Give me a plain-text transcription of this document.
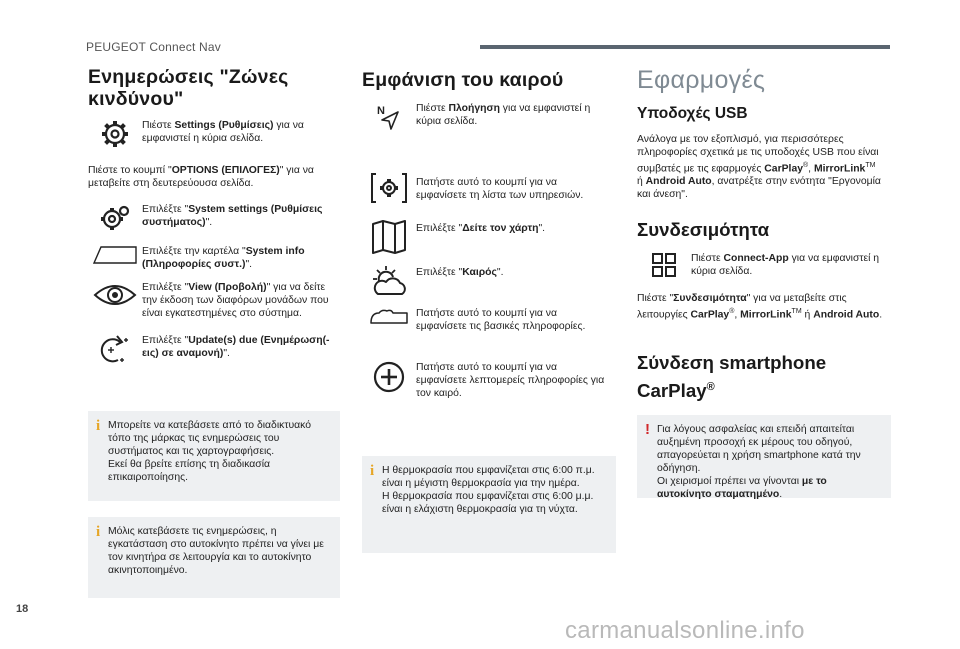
PEUGEOT Connect Nav
Ενημερώσεις "Ζώνες
κινδύνου"
Πιέστε Settings (Ρυθμίσεις) για να εμφανιστεί η κύρια σελίδα.
Πιέστε το κουμπί "OPTIONS (ΕΠΙΛΟΓΕΣ)" για να μεταβείτε στη δευτερεύουσα σελίδα.
Επιλέξτε "System settings (Ρυθμίσεις συστήματος)".
Επιλέξτε την καρτέλα "System info (Πληροφορίες συστ.)".
Επιλέξτε "View (Προβολή)" για να δείτε την έκδοση των διαφόρων μονάδων που είναι εγκατεστημένες στο σύστημα.
Επιλέξτε "Update(s) due (Ενημέρωση(-εις) σε αναμονή)".
i Μπορείτε να κατεβάσετε από το διαδικτυακό τόπο της μάρκας τις ενημερώσεις του συστήματος και τις χαρτογραφήσεις.
Εκεί θα βρείτε επίσης τη διαδικασία επικαιροποίησης.
i Μόλις κατεβάσετε τις ενημερώσεις, η εγκατάσταση στο αυτοκίνητο πρέπει να γίνει με τον κινητήρα σε λειτουργία και το αυτοκίνητο ακινητοποιημένο.
Εμφάνιση του καιρού
N	Πιέστε Πλοήγηση για να εμφανιστεί η κύρια σελίδα.
Πατήστε αυτό το κουμπί για να εμφανίσετε τη λίστα των υπηρεσιών.
Επιλέξτε "Δείτε τον χάρτη".
Επιλέξτε "Καιρός".
Πατήστε αυτό το κουμπί για να εμφανίσετε τις βασικές πληροφορίες.
Πατήστε αυτό το κουμπί για να εμφανίσετε λεπτομερείς πληροφορίες για τον καιρό.
i Η θερμοκρασία που εμφανίζεται στις 6:00 π.μ. είναι η μέγιστη θερμοκρασία για την ημέρα.
Η θερμοκρασία που εμφανίζεται στις 6:00 μ.μ. είναι η ελάχιστη θερμοκρασία για τη νύχτα.
Εφαρμογές
Υποδοχές USB
Ανάλογα με τον εξοπλισμό, για περισσότερες πληροφορίες σχετικά με τις υποδοχές USB που είναι συμβατές με τις εφαρμογές CarPlay®, MirrorLink™
ή Android Auto, ανατρέξτε στην ενότητα "Εργονομία και άνεση".
Συνδεσιμότητα
Πιέστε Connect-App για να εμφανιστεί η κύρια σελίδα.
Πιέστε "Συνδεσιμότητα" για να μεταβείτε στις λειτουργίες CarPlay®, MirrorLink™ ή Android Auto.
Σύνδεση smartphone
CarPlay®
! Για λόγους ασφαλείας και επειδή απαιτείται αυξημένη προσοχή εκ μέρους του οδηγού, απαγορεύεται η χρήση smartphone κατά την οδήγηση.
Οι χειρισμοί πρέπει να γίνονται με το αυτοκίνητο σταματημένο.
18
carmanualsonline.info
